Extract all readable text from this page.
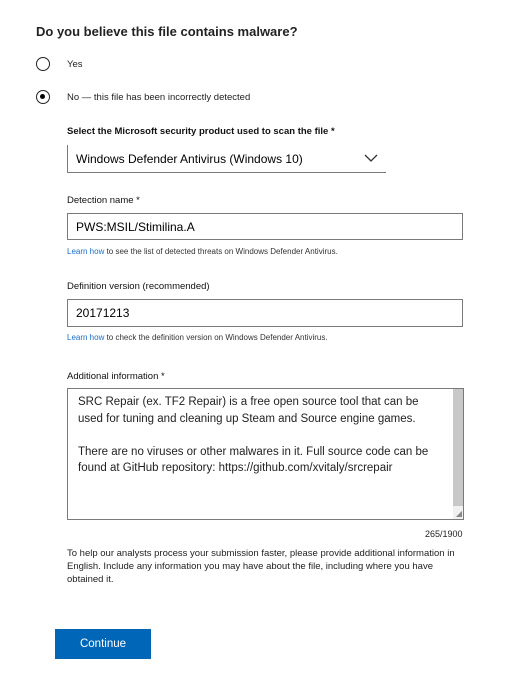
Do you believe this file contains malware?
Yes
No — this file has been incorrectly detected
Select the Microsoft security product used to scan the file *
Windows Defender Antivirus (Windows 10)
Detection name *
PWS:MSIL/Stimilina.A
Learn how to see the list of detected threats on Windows Defender Antivirus.
Definition version (recommended)
20171213
Learn how to check the definition version on Windows Defender Antivirus.
Additional information *
SRC Repair (ex. TF2 Repair) is a free open source tool that can be used for tuning and cleaning up Steam and Source engine games.

There are no viruses or other malwares in it. Full source code can be found at GitHub repository: https://github.com/xvitaly/srcrepair
◢
265/1900
To help our analysts process your submission faster, please provide additional information in English. Include any information you may have about the file, including where you have obtained it.
Continue
